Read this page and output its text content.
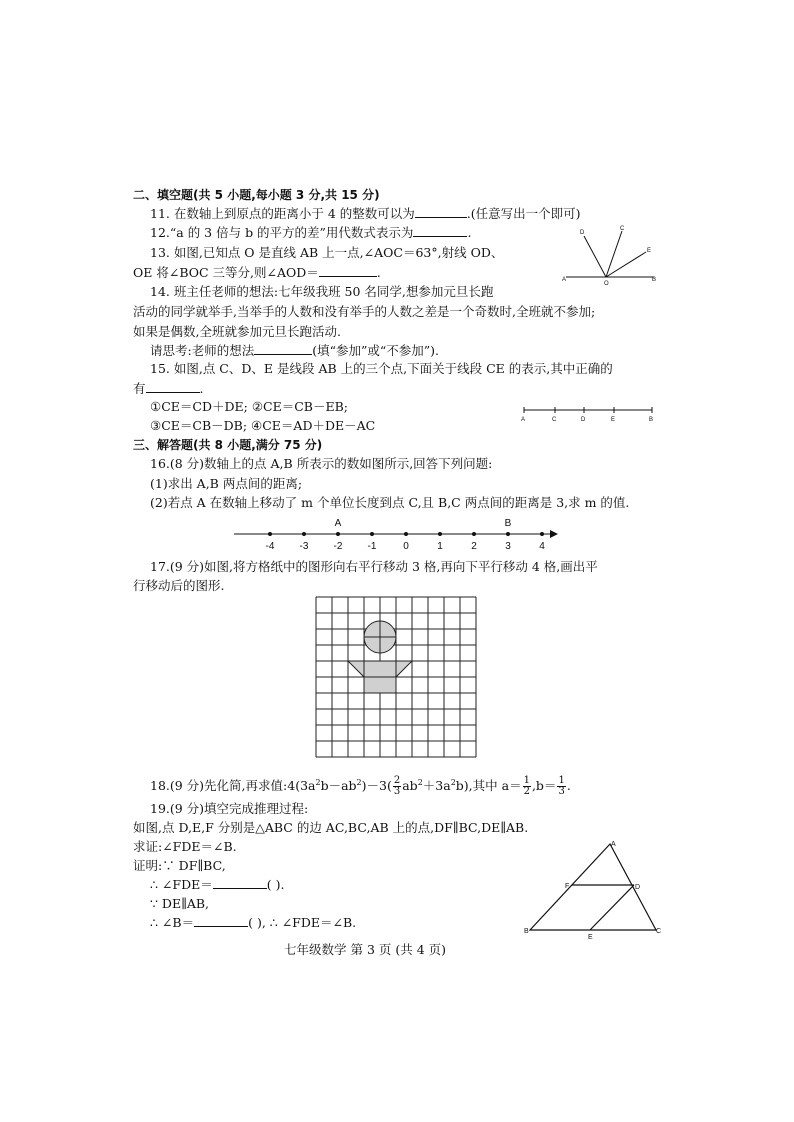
二、填空题(共 5 小题,每小题 3 分,共 15 分)
11. 在数轴上到原点的距离小于 4 的整数可以为	.(任意写出一个即可)
12.“a 的 3 倍与 b 的平方的差”用代数式表示为	.
13. 如图,已知点 O 是直线 AB 上一点,∠AOC＝63°,射线 OD、
OE 将∠BOC 三等分,则∠AOD＝	.
D
C
E
A
O
B
14. 班主任老师的想法:七年级我班 50 名同学,想参加元旦长跑
活动的同学就举手,当举手的人数和没有举手的人数之差是一个奇数时,全班就不参加;
如果是偶数,全班就参加元旦长跑活动.
请思考:老师的想法	(填“参加”或“不参加”).
15. 如图,点 C、D、E 是线段 AB 上的三个点,下面关于线段 CE 的表示,其中正确的
有	.
①CE＝CD＋DE; ②CE＝CB－EB;
③CE＝CB－DB; ④CE＝AD＋DE－AC	A	C	D	E	B
三、解答题(共 8 小题,满分 75 分)
16.(8 分)数轴上的点 A,B 所表示的数如图所示,回答下列问题:
(1)求出 A,B 两点间的距离;
(2)若点 A 在数轴上移动了 m 个单位长度到点 C,且 B,C 两点间的距离是 3,求 m 的值.
A	B
-4	-3	-2	-1	0	1	2	3	4
17.(9 分)如图,将方格纸中的图形向右平行移动 3 格,再向下平行移动 4 格,画出平
行移动后的图形.
18.(9 分)先化简,再求值$:4(3a^2b-ab^2)-3( \frac{2}{3} ab^2+3a^2b)$,其中 $a= \frac{1}{2} ,b= \frac{1}{3}$ .
19.(9 分)填空完成推理过程:
如图,点 D,E,F 分别是△ABC 的边 AC,BC,AB 上的点,DF∥BC,DE∥AB.
求证:∠FDE＝∠B.
证明:∵ DF∥BC,
∴ ∠FDE＝	( ).
∵ DE∥AB,
∴ ∠B＝	( ), ∴ ∠FDE＝∠B.
A
F	D
B
E
C
七年级数学 第 3 页 (共 4 页)
